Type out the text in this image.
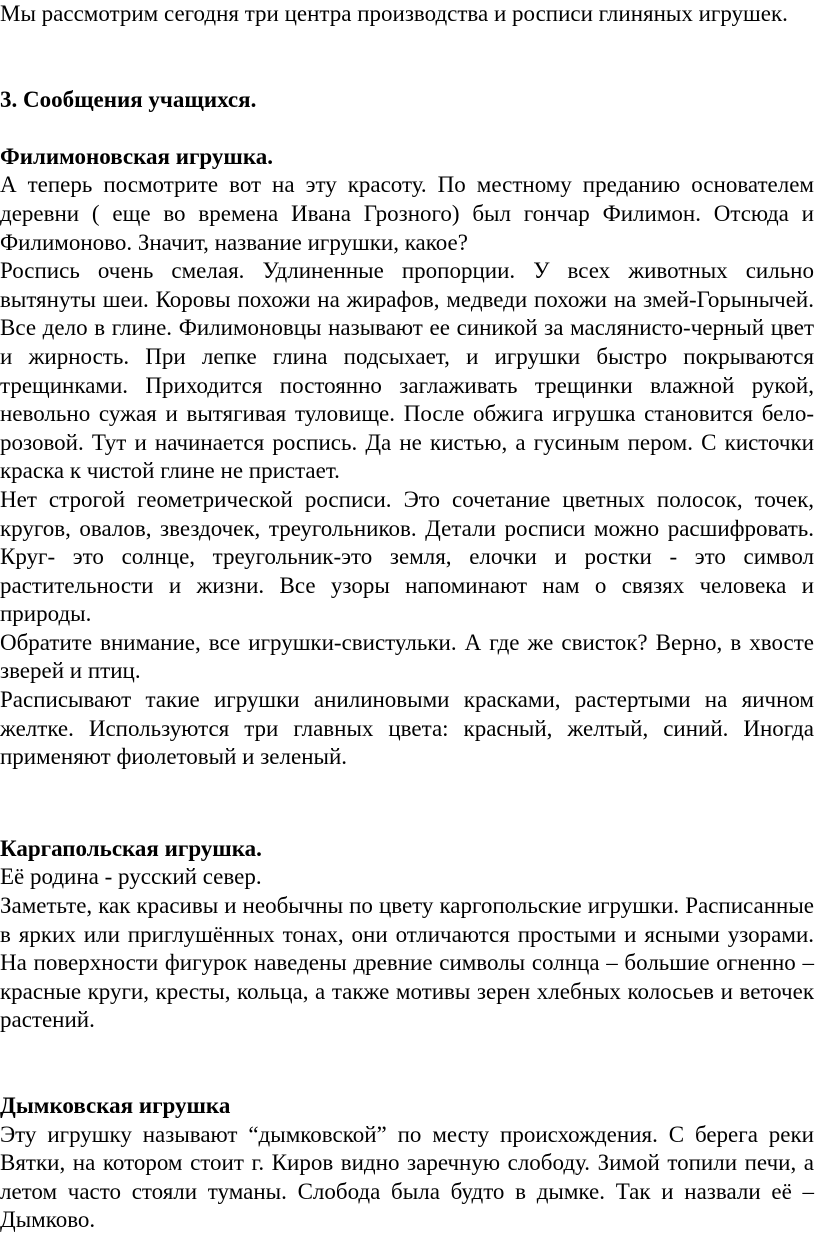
Мы рассмотрим сегодня три центра производства и росписи глиняных игрушек.

3. Сообщения учащихся.

Филимоновская игрушка.

А теперь посмотрите вот на эту красоту. По местному преданию основателем деревни ( еще во времена Ивана Грозного) был гончар Филимон. Отсюда и Филимоново. Значит, название игрушки, какое?

Роспись очень смелая. Удлиненные пропорции. У всех животных сильно вытянуты шеи. Коровы похожи на жирафов, медведи похожи на змей-Горынычей. Все дело в глине. Филимоновцы называют ее синикой за маслянисто-черный цвет и жирность. При лепке глина подсыхает, и игрушки быстро покрываются трещинками. Приходится постоянно заглаживать трещинки влажной рукой, невольно сужая и вытягивая туловище. После обжига игрушка становится бело-розовой. Тут и начинается роспись. Да не кистью, а гусиным пером. С кисточки краска к чистой глине не пристает.

Нет строгой геометрической росписи. Это сочетание цветных полосок, точек, кругов, овалов, звездочек, треугольников. Детали росписи можно расшифровать. Круг- это солнце, треугольник-это земля, елочки и ростки - это символ растительности и жизни. Все узоры напоминают нам о связях человека и природы.

Обратите внимание, все игрушки-свистульки. А где же свисток? Верно, в хвосте зверей и птиц.

Расписывают такие игрушки анилиновыми красками, растертыми на яичном желтке. Используются три главных цвета: красный, желтый, синий. Иногда применяют фиолетовый и зеленый.

Каргапольская игрушка.

Её родина - русский север.

Заметьте, как красивы и необычны по цвету каргопольские игрушки. Расписанные в ярких или приглушённых тонах, они отличаются простыми и ясными узорами. На поверхности фигурок наведены древние символы солнца – большие огненно – красные круги, кресты, кольца, а также мотивы зерен хлебных колосьев и веточек растений.

Дымковская игрушка

Эту игрушку называют “дымковской” по месту происхождения. С берега реки Вятки, на котором стоит г. Киров видно заречную слободу. Зимой топили печи, а летом часто стояли туманы. Слобода была будто в дымке. Так и назвали её – Дымково.
